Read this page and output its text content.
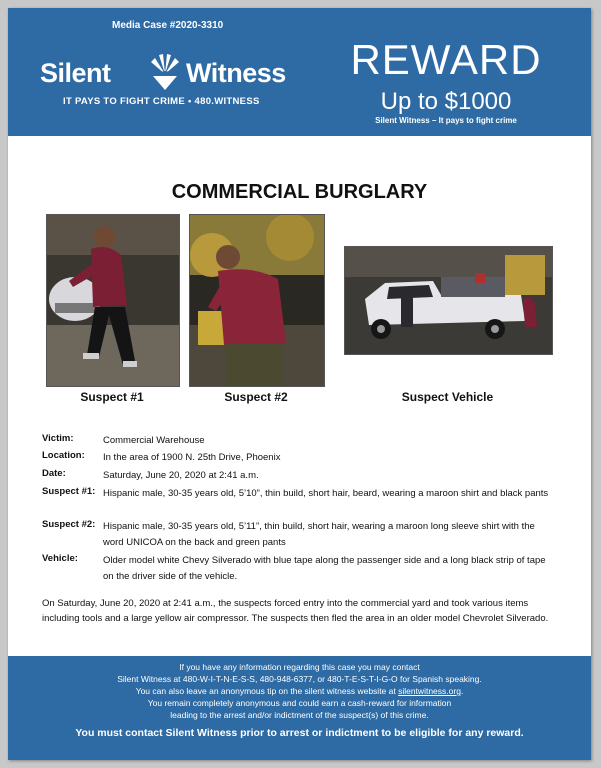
Media Case #2020-3310
Silent	Witness
IT PAYS TO FIGHT CRIME • 480.WITNESS
REWARD
Up to $1000
Silent Witness – It pays to fight crime
COMMERCIAL BURGLARY
Suspect #1	Suspect #2	Suspect Vehicle
Victim:	Commercial Warehouse
Location: In the area of 1900 N. 25th Drive, Phoenix
Date:	Saturday, June 20, 2020 at 2:41 a.m.
Suspect #1: Hispanic male, 30-35 years old, 5’10”, thin build, short hair, beard, wearing a maroon shirt and black pants
Suspect #2: Hispanic male, 30-35 years old, 5’11”, thin build, short hair, wearing a maroon long sleeve shirt with the word UNICOA on the back and green pants
Vehicle:	Older model white Chevy Silverado with blue tape along the passenger side and a long black strip of tape on the driver side of the vehicle.
On Saturday, June 20, 2020 at 2:41 a.m., the suspects forced entry into the commercial yard and took various items including tools and a large yellow air compressor. The suspects then fled the area in an older model Chevrolet Silverado.

If you have any information regarding this case you may contact

Silent Witness at 480-W-I-T-N-E-S-S, 480-948-6377, or 480-T-E-S-T-I-G-O for Spanish speaking.

You can also leave an anonymous tip on the silent witness website at silentwitness.org.

You remain completely anonymous and could earn a cash-reward for information

leading to the arrest and/or indictment of the suspect(s) of this crime.

You must contact Silent Witness prior to arrest or indictment to be eligible for any reward.
